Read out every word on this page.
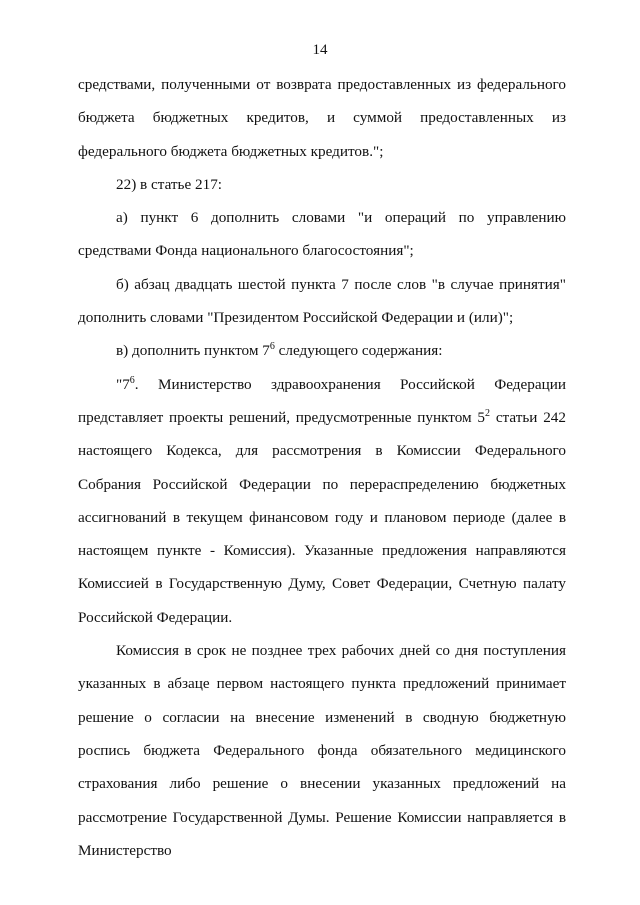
14

средствами, полученными от возврата предоставленных из федерального бюджета бюджетных кредитов, и суммой предоставленных из федерального бюджета бюджетных кредитов.";

22) в статье 217:

а) пункт 6 дополнить словами "и операций по управлению средствами Фонда национального благосостояния";

б) абзац двадцать шестой пункта 7 после слов "в случае принятия" дополнить словами "Президентом Российской Федерации и (или)";

в) дополнить пунктом $7^6$ следующего содержания:

"$7^6$. Министерство здравоохранения Российской Федерации представляет проекты решений, предусмотренные пунктом $5^2$ статьи 242 настоящего Кодекса, для рассмотрения в Комиссии Федерального Собрания Российской Федерации по перераспределению бюджетных ассигнований в текущем финансовом году и плановом периоде (далее в настоящем пункте - Комиссия). Указанные предложения направляются Комиссией в Государственную Думу, Совет Федерации, Счетную палату Российской Федерации.

Комиссия в срок не позднее трех рабочих дней со дня поступления указанных в абзаце первом настоящего пункта предложений принимает решение о согласии на внесение изменений в сводную бюджетную роспись бюджета Федерального фонда обязательного медицинского страхования либо решение о внесении указанных предложений на рассмотрение Государственной Думы. Решение Комиссии направляется в Министерство
